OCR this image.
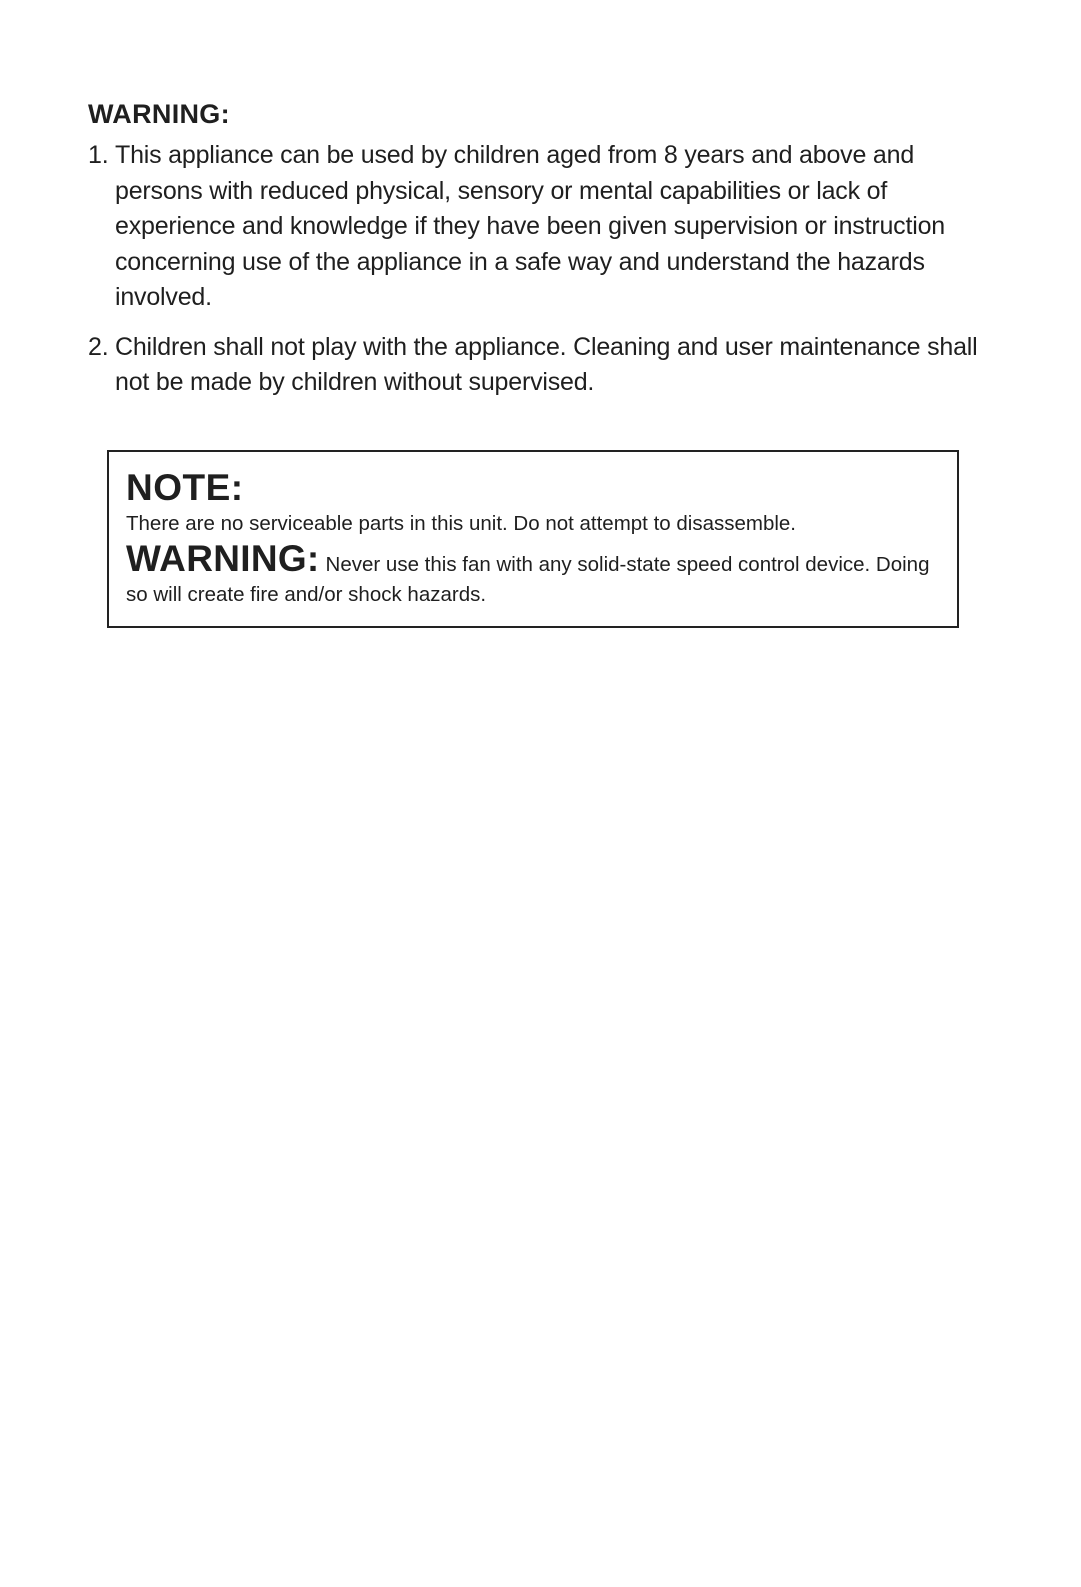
WARNING:
1. This appliance can be used by children aged from 8 years and above and persons with reduced physical, sensory or mental capabilities or lack of experience and knowledge if they have been given supervision or instruction concerning use of the appliance in a safe way and understand the hazards involved.
2. Children shall not play with the appliance. Cleaning and user maintenance shall not be made by children without supervised.
NOTE:

There are no serviceable parts in this unit. Do not attempt to disassemble.

WARNING: Never use this fan with any solid-state speed control device. Doing so will create fire and/or shock hazards.
